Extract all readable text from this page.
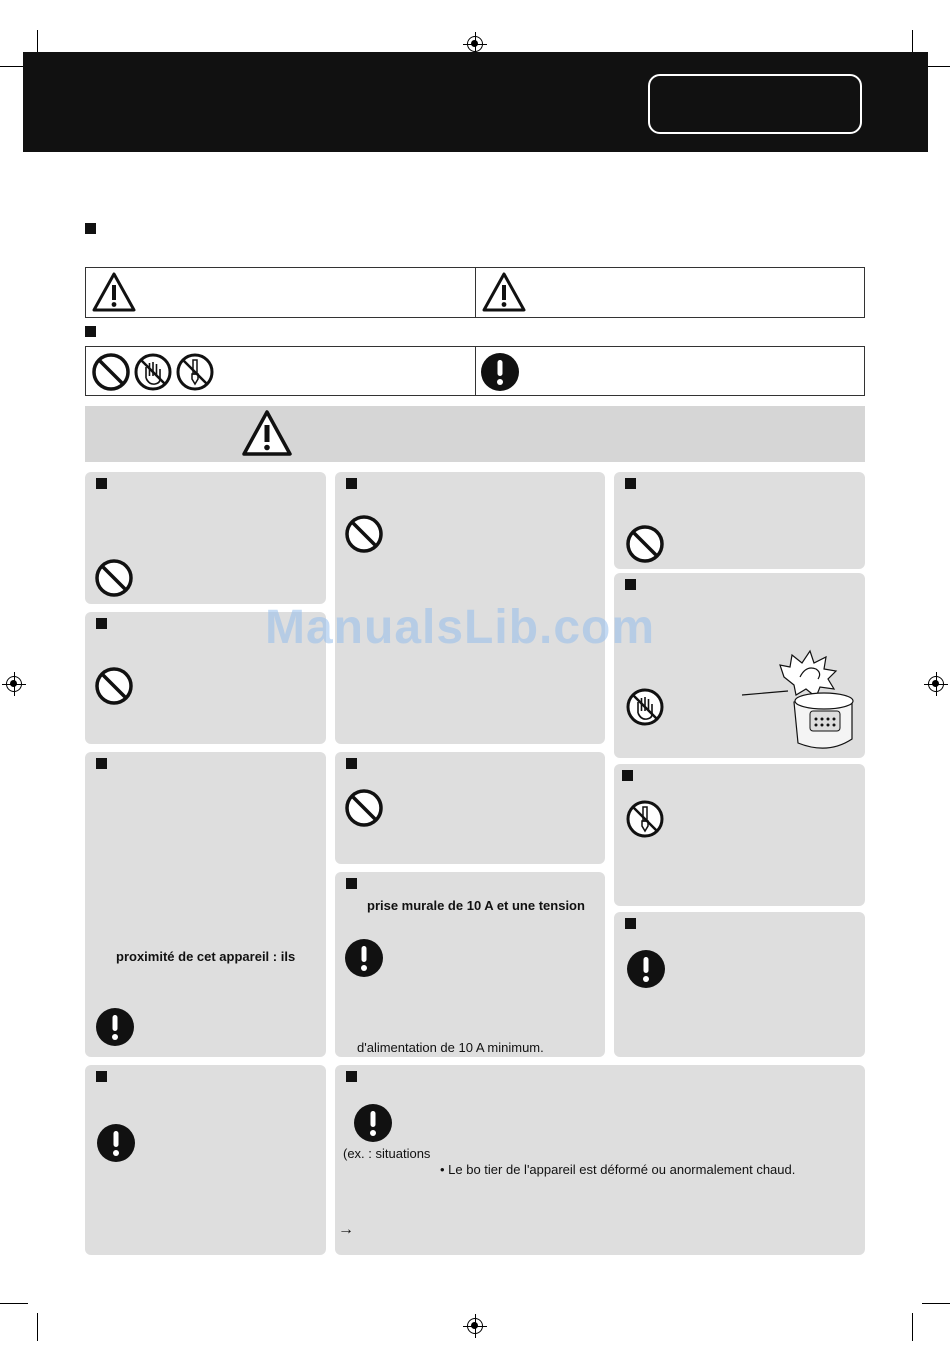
proximité de cet appareil : ils
prise murale de 10 A et une tension
d'alimentation de 10 A minimum.
(ex. : situations
• Le bo tier de l'appareil est déformé ou anormalement chaud.
→
ManualsLib.com
